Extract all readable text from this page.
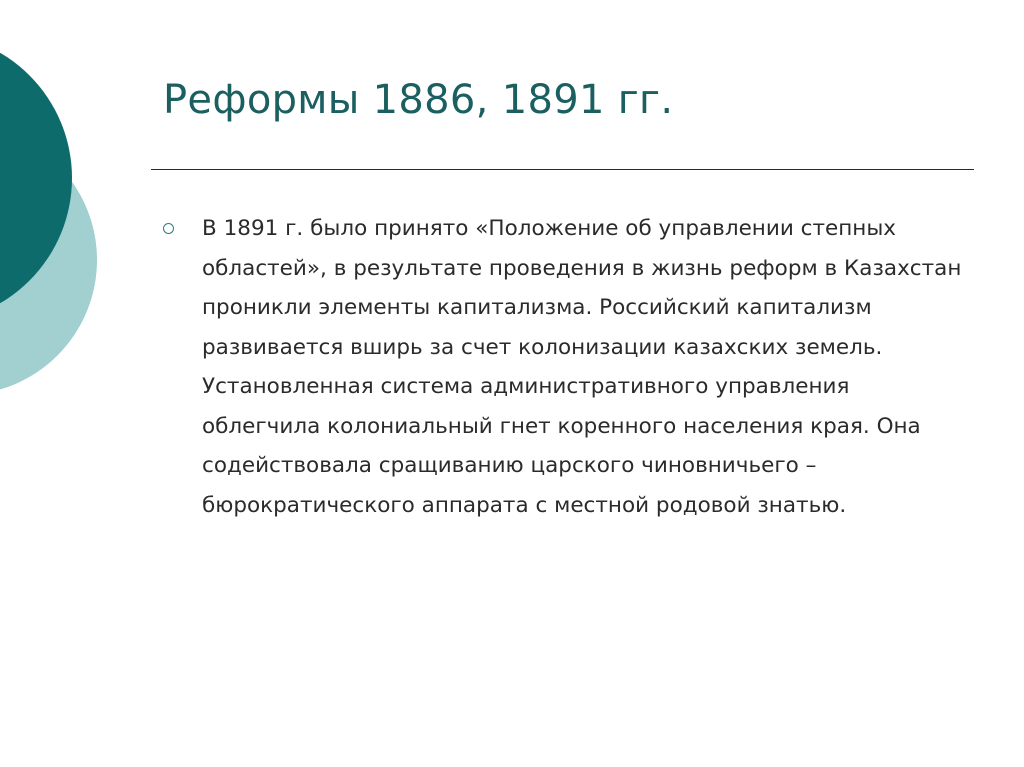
Реформы 1886, 1891 гг.
В 1891 г. было принято «Положение об управлении степных областей», в результате проведения в жизнь реформ в Казахстан проникли элементы капитализма. Российский капитализм развивается вширь за счет колонизации казахских земель. Установленная система административного управления облегчила колониальный гнет коренного населения края. Она содействовала сращиванию царского чиновничьего – бюрократического аппарата с местной родовой знатью.
